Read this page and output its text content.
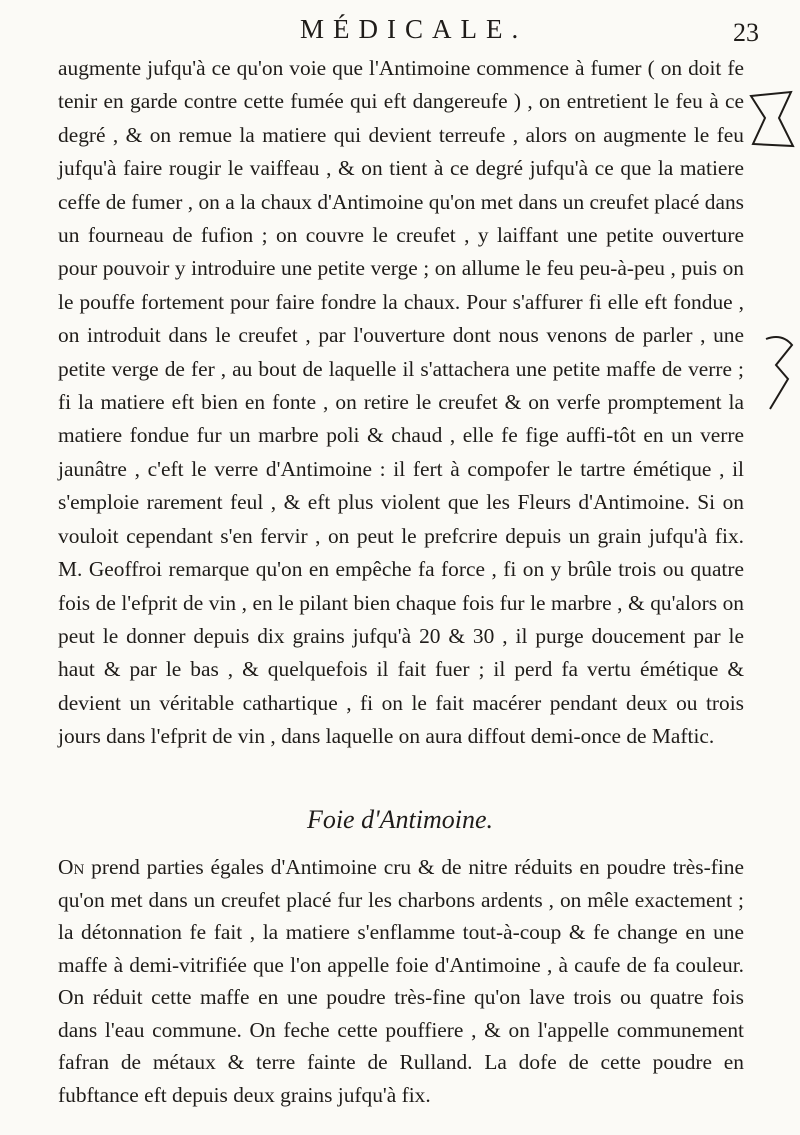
MÉDICALE.	23

augmente jufqu'à ce qu'on voie que l'Antimoine commence à fumer ( on doit fe tenir en garde contre cette fumée qui eft dangereufe ) , on entretient le feu à ce degré , & on remue la matiere qui devient terreufe , alors on augmente le feu jufqu'à faire rougir le vaiffeau , & on tient à ce degré jufqu'à ce que la matiere ceffe de fumer , on a la chaux d'Antimoine qu'on met dans un creufet placé dans un fourneau de fufion ; on couvre le creufet , y laiffant une petite ouverture pour pouvoir y introduire une petite verge ; on allume le feu peu-à-peu , puis on le pouffe fortement pour faire fondre la chaux. Pour s'affurer fi elle eft fondue , on introduit dans le creufet , par l'ouverture dont nous venons de parler , une petite verge de fer , au bout de laquelle il s'attachera une petite maffe de verre ; fi la matiere eft bien en fonte , on retire le creufet & on verfe promptement la matiere fondue fur un marbre poli & chaud , elle fe fige auffi-tôt en un verre jaunâtre , c'eft le verre d'Antimoine : il fert à compofer le tartre émétique , il s'emploie rarement feul , & eft plus violent que les Fleurs d'Antimoine. Si on vouloit cependant s'en fervir , on peut le prefcrire depuis un grain jufqu'à fix. M. Geoffroi remarque qu'on en empêche fa force , fi on y brûle trois ou quatre fois de l'efprit de vin , en le pilant bien chaque fois fur le marbre , & qu'alors on peut le donner depuis dix grains jufqu'à 20 & 30 , il purge doucement par le haut & par le bas , & quelquefois il fait fuer ; il perd fa vertu émétique & devient un véritable cathartique , fi on le fait macérer pendant deux ou trois jours dans l'efprit de vin , dans laquelle on aura diffout demi-once de Maftic.

Foie d'Antimoine.

On prend parties égales d'Antimoine cru & de nitre réduits en poudre très-fine qu'on met dans un creufet placé fur les charbons ardents , on mêle exactement ; la détonnation fe fait , la matiere s'enflamme tout-à-coup & fe change en une maffe à demi-vitrifiée que l'on appelle foie d'Antimoine , à caufe de fa couleur. On réduit cette maffe en une poudre très-fine qu'on lave trois ou quatre fois dans l'eau commune. On feche cette pouffiere , & on l'appelle communement fafran de métaux & terre fainte de Rulland. La dofe de cette poudre en fubftance eft depuis deux grains jufqu'à fix.
